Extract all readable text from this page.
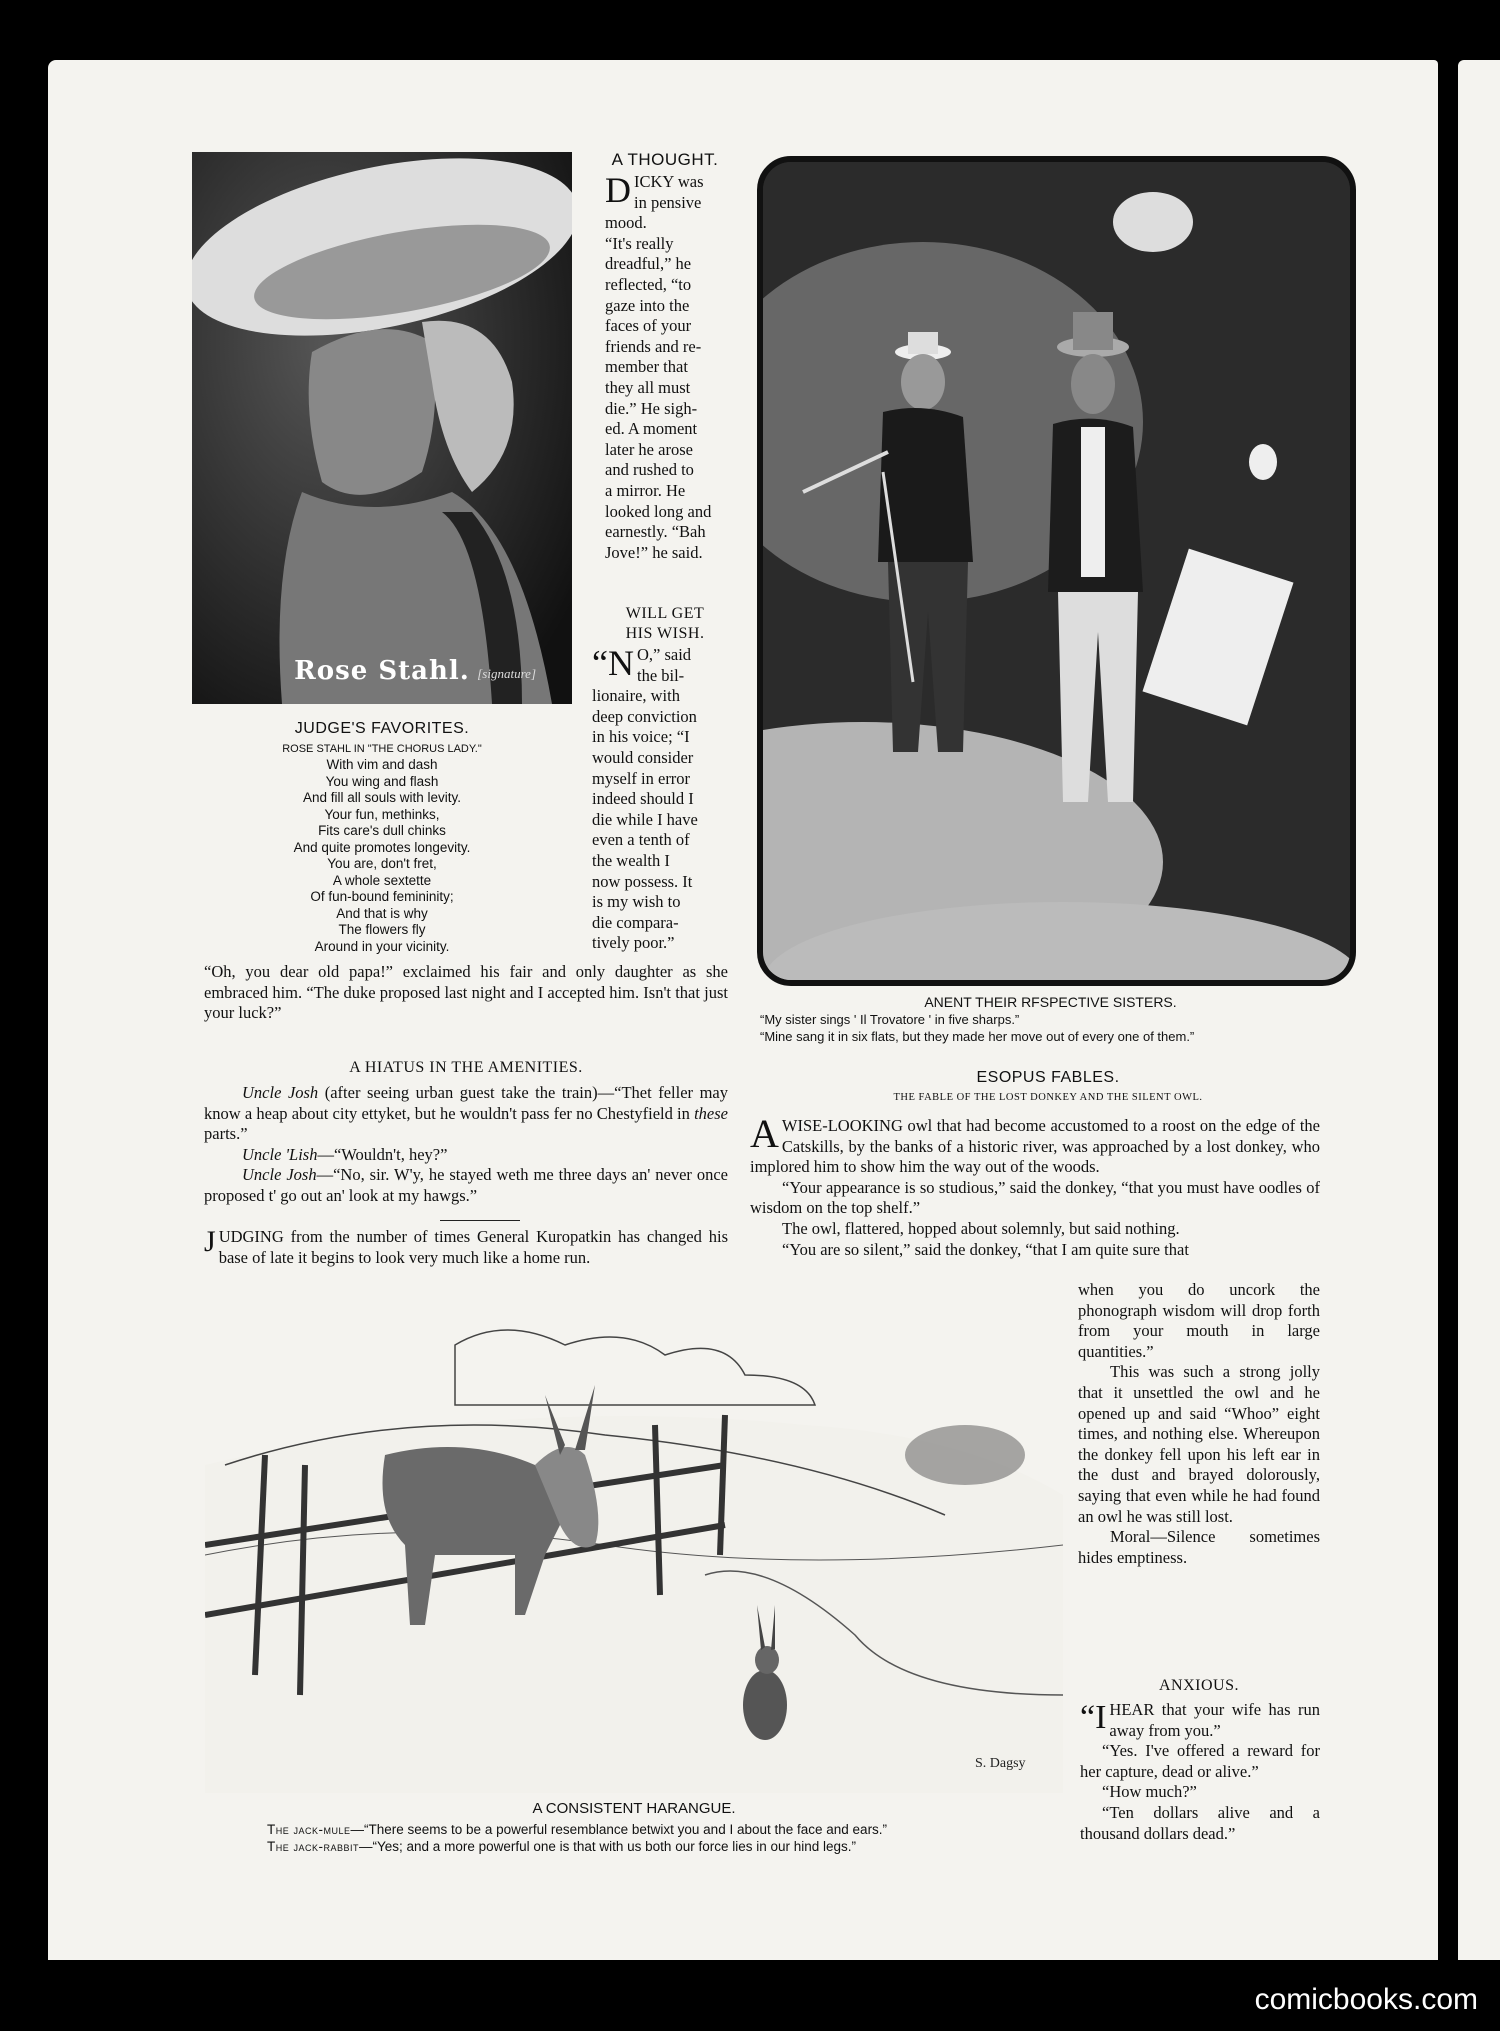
Rose Stahl. [signature]
JUDGE'S FAVORITES.
ROSE STAHL IN "THE CHORUS LADY."
With vim and dash
You wing and flash
And fill all souls with levity.
Your fun, methinks,
Fits care's dull chinks
And quite promotes longevity.
You are, don't fret,
A whole sextette
Of fun-bound femininity;
And that is why
The flowers fly
Around in your vicinity.
A THOUGHT.
D ICKY was
in pensive
mood.
“It's really
dreadful,” he
reflected, “to
gaze into the
faces of your
friends and re-
member that
they all must
die.” He sigh-
ed. A moment
later he arose
and rushed to
a mirror. He
looked long and
earnestly. “Bah
Jove!” he said.
WILL GET
HIS WISH.
“N O,” said
the bil-
lionaire, with
deep conviction
in his voice; “I
would consider
myself in error
indeed should I
die while I have
even a tenth of
the wealth I
now possess. It
is my wish to
die compara-
tively poor.”
“Oh, you dear old papa!” exclaimed his fair and only daughter as she embraced him. “The duke proposed last night and I accepted him. Isn't that just your luck?”
A HIATUS IN THE AMENITIES.
Uncle Josh (after seeing urban guest take the train)—“Thet feller may know a heap about city ettyket, but he wouldn't pass fer no Chestyfield in these parts.”
Uncle 'Lish—“Wouldn't, hey?”
Uncle Josh—“No, sir. W'y, he stayed weth me three days an' never once proposed t' go out an' look at my hawgs.”
JUDGING from the number of times General Kuropatkin has changed his base of late it begins to look very much like a home run.
ANENT THEIR RFSPECTIVE SISTERS.
“My sister sings ' Il Trovatore ' in five sharps.”
“Mine sang it in six flats, but they made her move out of every one of them.”
ESOPUS FABLES.
THE FABLE OF THE LOST DONKEY AND THE SILENT OWL.
AWISE-LOOKING owl that had become accustomed to a roost on the edge of the Catskills, by the banks of a historic river, was approached by a lost donkey, who implored him to show him the way out of the woods.
“Your appearance is so studious,” said the donkey, “that you must have oodles of wisdom on the top shelf.”
The owl, flattered, hopped about solemnly, but said nothing.
“You are so silent,” said the donkey, “that I am quite sure that
when you do uncork the phonograph wisdom will drop forth from your mouth in large quantities.”
This was such a strong jolly that it unsettled the owl and he opened up and said “Whoo” eight times, and nothing else. Whereupon the donkey fell upon his left ear in the dust and brayed dolorously, saying that even while he had found an owl he was still lost.
Moral—Silence sometimes hides emptiness.
ANXIOUS.
“IHEAR that your wife has run away from you.”
“Yes. I've offered a reward for her capture, dead or alive.”
“How much?”
“Ten dollars alive and a thousand dollars dead.”
S. Dagsy
A CONSISTENT HARANGUE.
The jack-mule—“There seems to be a powerful resemblance betwixt you and I about the face and ears.”
The jack-rabbit—“Yes; and a more powerful one is that with us both our force lies in our hind legs.”
comicbooks.com
